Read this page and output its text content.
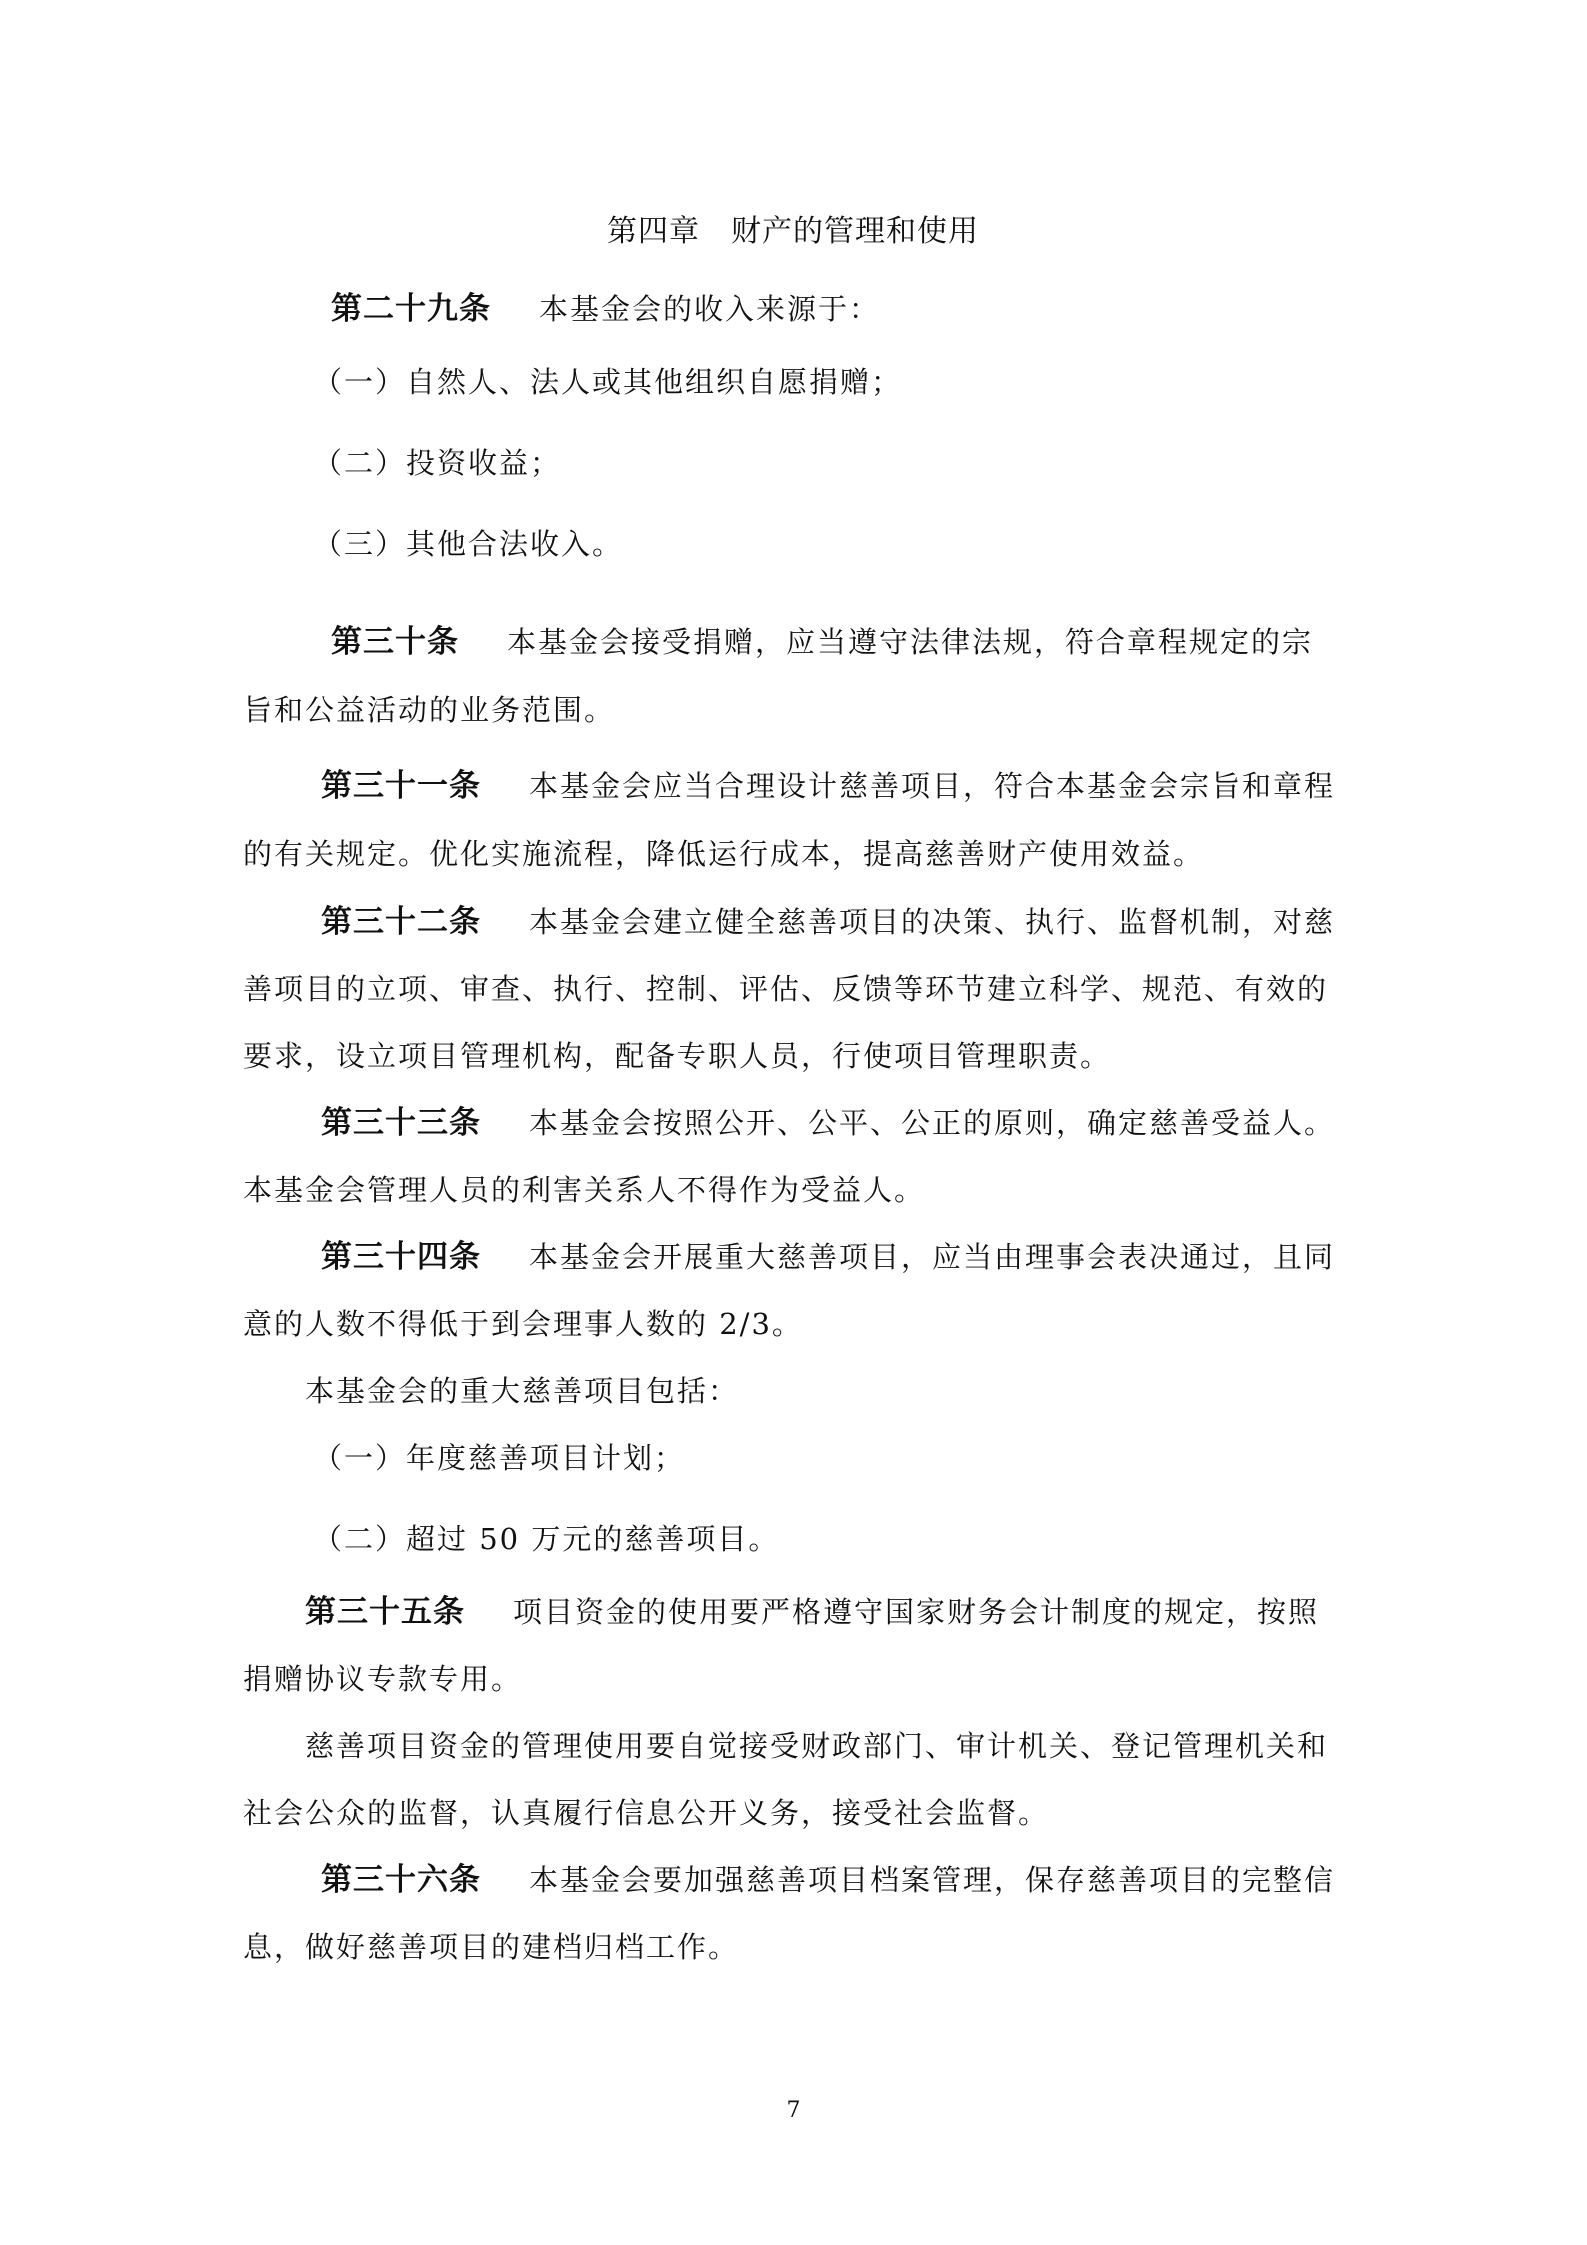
第四章　财产的管理和使用
第二十九条 本基金会的收入来源于：
（一）自然人、法人或其他组织自愿捐赠；
（二）投资收益；
（三）其他合法收入。
第三十条 本基金会接受捐赠，应当遵守法律法规，符合章程规定的宗
旨和公益活动的业务范围。
第三十一条 本基金会应当合理设计慈善项目，符合本基金会宗旨和章程
的有关规定。优化实施流程，降低运行成本，提高慈善财产使用效益。
第三十二条 本基金会建立健全慈善项目的决策、执行、监督机制，对慈
善项目的立项、审查、执行、控制、评估、反馈等环节建立科学、规范、有效的
要求，设立项目管理机构，配备专职人员，行使项目管理职责。
第三十三条 本基金会按照公开、公平、公正的原则，确定慈善受益人。
本基金会管理人员的利害关系人不得作为受益人。
第三十四条 本基金会开展重大慈善项目，应当由理事会表决通过，且同
意的人数不得低于到会理事人数的 2/3。
本基金会的重大慈善项目包括：
（一）年度慈善项目计划；
（二）超过 50 万元的慈善项目。
第三十五条 项目资金的使用要严格遵守国家财务会计制度的规定，按照
捐赠协议专款专用。
慈善项目资金的管理使用要自觉接受财政部门、审计机关、登记管理机关和
社会公众的监督，认真履行信息公开义务，接受社会监督。
第三十六条 本基金会要加强慈善项目档案管理，保存慈善项目的完整信
息，做好慈善项目的建档归档工作。
7
